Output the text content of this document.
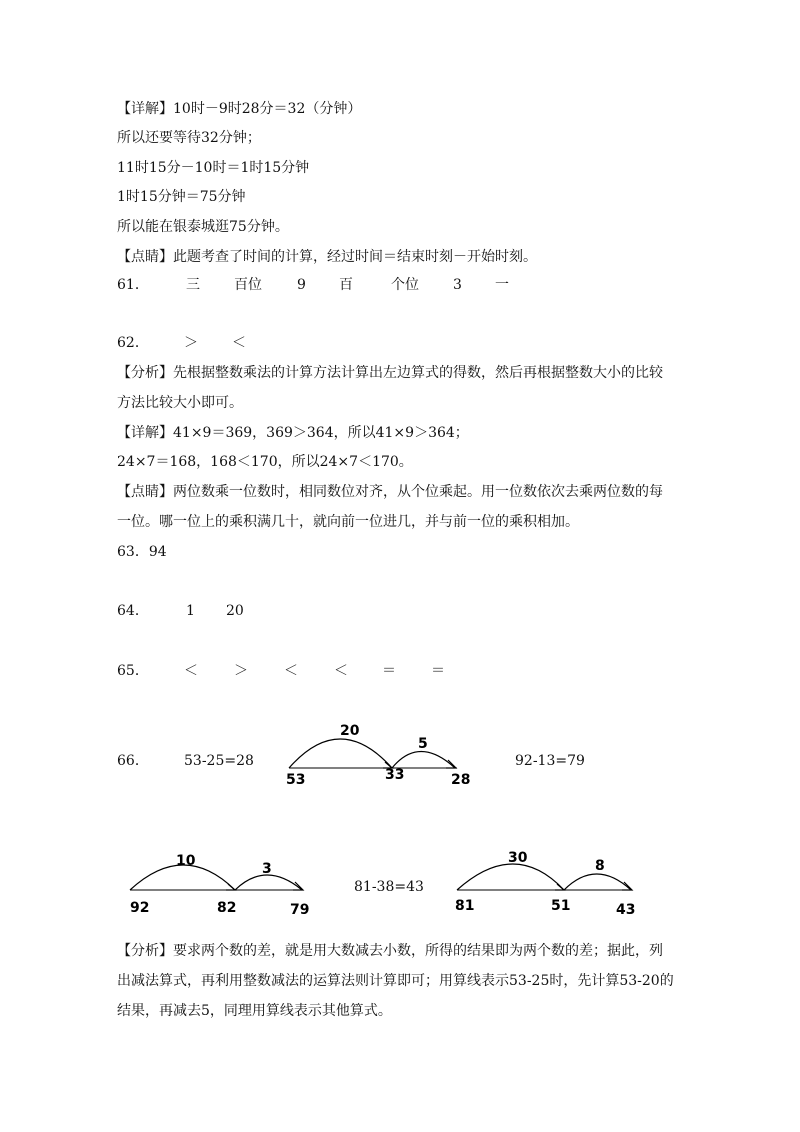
【详解】10时－9时28分＝32（分钟）
所以还要等待32分钟；
11时15分－10时＝1时15分钟
1时15分钟＝75分钟
所以能在银泰城逛75分钟。
【点睛】此题考查了时间的计算，经过时间＝结束时刻－开始时刻。
61．	三 百位	9 百	个位 3 一
62．	＞ ＜
【分析】先根据整数乘法的计算方法计算出左边算式的得数，然后再根据整数大小的比较
方法比较大小即可。
【详解】41×9＝369，369＞364，所以41×9＞364；
24×7＝168，168＜170，所以24×7＜170。
【点睛】两位数乘一位数时，相同数位对齐，从个位乘起。用一位数依次去乘两位数的每
一位。哪一位上的乘积满几十，就向前一位进几，并与前一位的乘积相加。
63．94
64．	1 20
65．	＜	＞	＜	＜ ＝	＝
66．	53-25=28	92-13=79
81-38=43
20
5
53	33	28
10	3
92	82	79
30	8
81	51	43
【分析】要求两个数的差，就是用大数减去小数，所得的结果即为两个数的差；据此，列
出减法算式，再利用整数减法的运算法则计算即可；用算线表示53-25时，先计算53-20的
结果，再减去5，同理用算线表示其他算式。
